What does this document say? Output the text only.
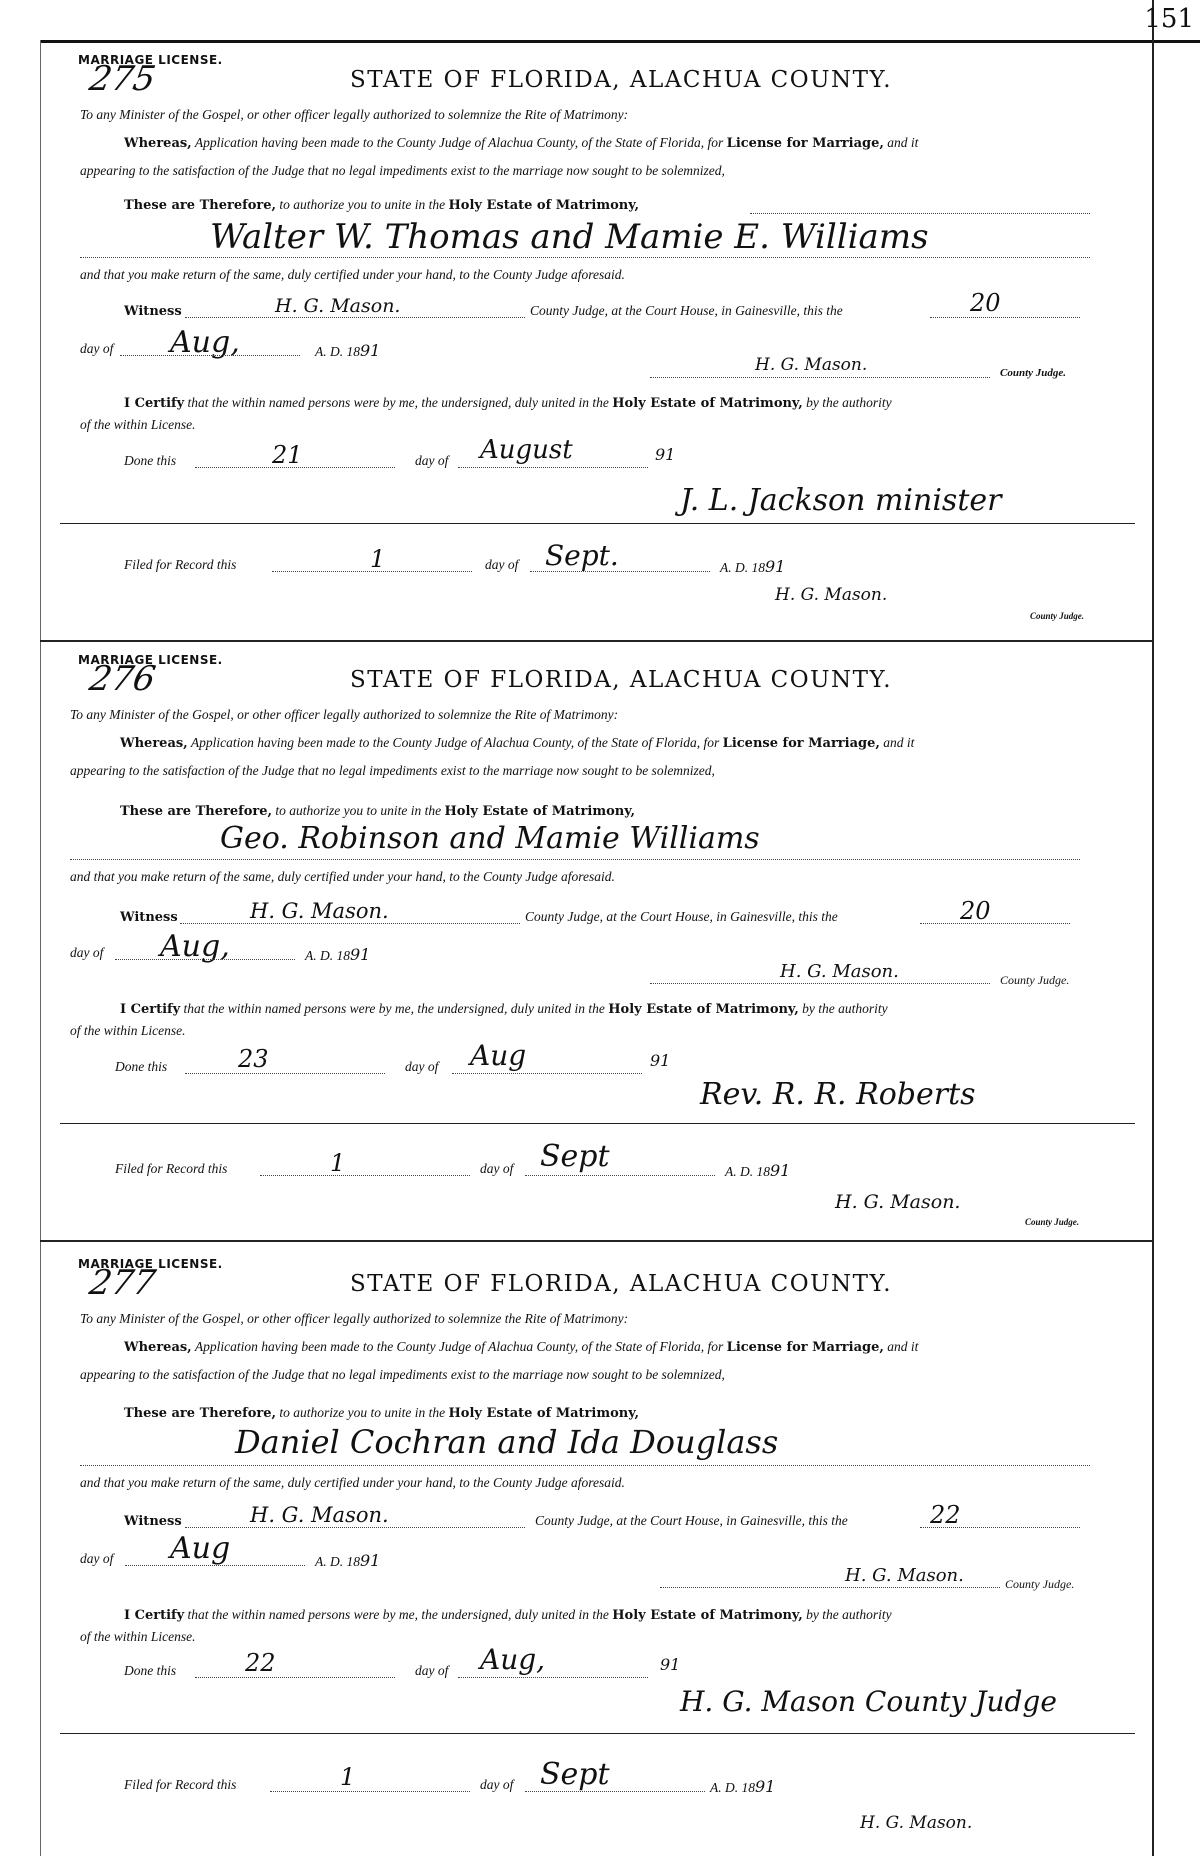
151
MARRIAGE LICENSE.
275	STATE OF FLORIDA, ALACHUA COUNTY.
To any Minister of the Gospel, or other officer legally authorized to solemnize the Rite of Matrimony:
Whereas, Application having been made to the County Judge of Alachua County, of the State of Florida, for License for Marriage, and it
appearing to the satisfaction of the Judge that no legal impediments exist to the marriage now sought to be solemnized,
These are Therefore, to authorize you to unite in the Holy Estate of Matrimony,
Walter W. Thomas and Mamie E. Williams
and that you make return of the same, duly certified under your hand, to the County Judge aforesaid.
Witness	H. G. Mason.	County Judge, at the Court House, in Gainesville, this the	20
day of Aug,	A. D. 1891
H. G. Mason.	County Judge.
I Certify that the within named persons were by me, the undersigned, duly united in the Holy Estate of Matrimony, by the authority
of the within License.
Done this	21	day of August	91
J. L. Jackson minister
Filed for Record this	1	day of Sept.	A. D. 1891
H. G. Mason.
County Judge.
MARRIAGE LICENSE.
276	STATE OF FLORIDA, ALACHUA COUNTY.
To any Minister of the Gospel, or other officer legally authorized to solemnize the Rite of Matrimony:
Whereas, Application having been made to the County Judge of Alachua County, of the State of Florida, for License for Marriage, and it
appearing to the satisfaction of the Judge that no legal impediments exist to the marriage now sought to be solemnized,
These are Therefore, to authorize you to unite in the Holy Estate of Matrimony,
Geo. Robinson and Mamie Williams
and that you make return of the same, duly certified under your hand, to the County Judge aforesaid.
Witness	H. G. Mason.	County Judge, at the Court House, in Gainesville, this the	20
day of Aug,	A. D. 1891
H. G. Mason.	County Judge.
I Certify that the within named persons were by me, the undersigned, duly united in the Holy Estate of Matrimony, by the authority
of the within License.
Done this	23	day of Aug	91
Rev. R. R. Roberts
Filed for Record this	1	day of Sept	A. D. 1891
H. G. Mason.
County Judge.
MARRIAGE LICENSE.
277	STATE OF FLORIDA, ALACHUA COUNTY.
To any Minister of the Gospel, or other officer legally authorized to solemnize the Rite of Matrimony:
Whereas, Application having been made to the County Judge of Alachua County, of the State of Florida, for License for Marriage, and it
appearing to the satisfaction of the Judge that no legal impediments exist to the marriage now sought to be solemnized,
These are Therefore, to authorize you to unite in the Holy Estate of Matrimony,
Daniel Cochran and Ida Douglass
and that you make return of the same, duly certified under your hand, to the County Judge aforesaid.
Witness	H. G. Mason.	County Judge, at the Court House, in Gainesville, this the	22
day of Aug	A. D. 1891
H. G. Mason.	County Judge.
I Certify that the within named persons were by me, the undersigned, duly united in the Holy Estate of Matrimony, by the authority
of the within License.
Done this	22	day of Aug,	91
H. G. Mason County Judge
Filed for Record this	1	day of Sept	A. D. 1891
H. G. Mason.
